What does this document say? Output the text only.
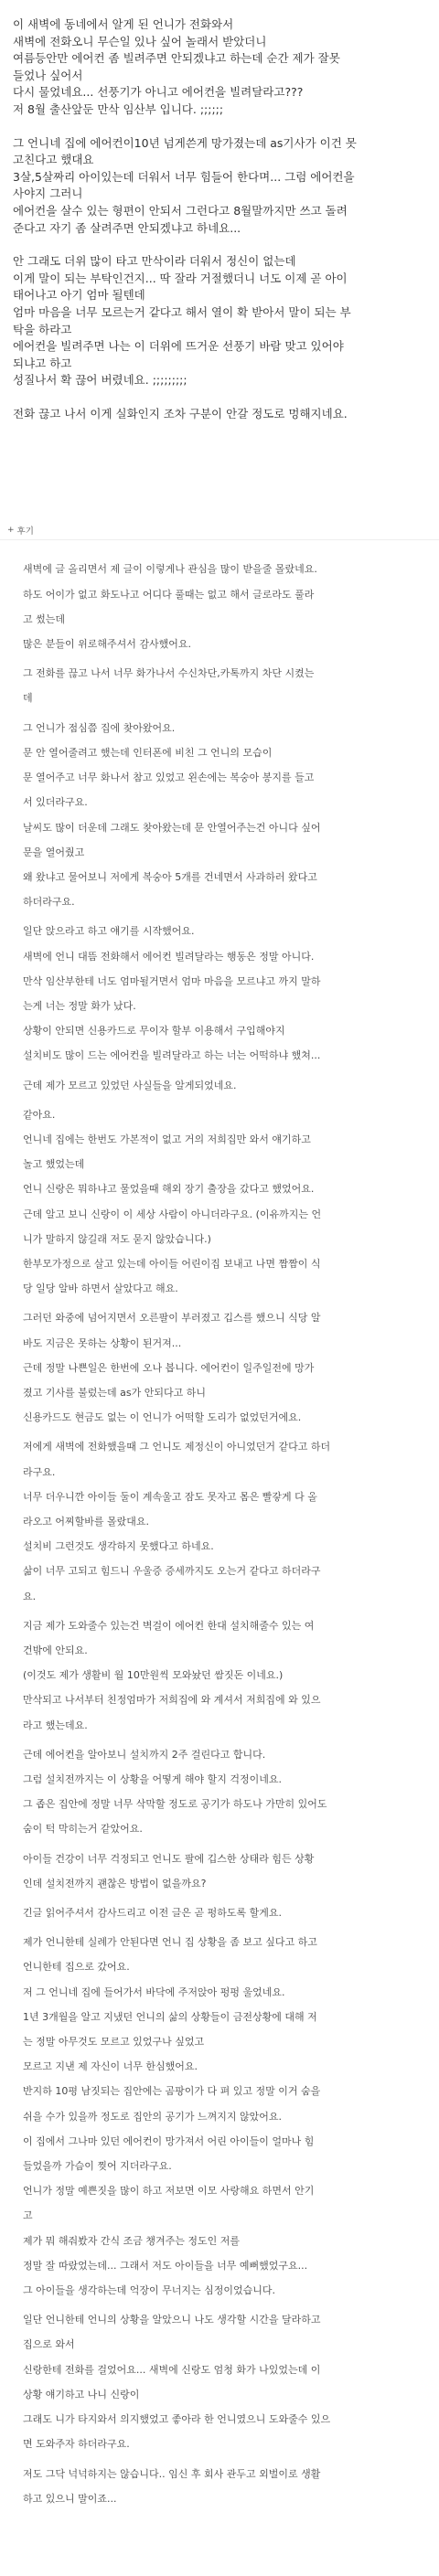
이 새벽에 동네에서 알게 된 언니가 전화와서

새벽에 전화오니 무슨일 있나 싶어 놀래서 받았더니

여름등안만 에어컨 좀 빌려주면 안되겠냐고 하는데 순간 제가 잘못

들었나 싶어서

다시 물었네요... 선풍기가 아니고 에어컨을 빌려달라고???

저 8월 출산앞둔 만삭 임산부 입니다. ;;;;;;

그 언니네 집에 에어컨이10년 넘게쓴게 망가졌는데 as기사가 이건 못

고친다고 했대요

3살,5살짜리 아이있는데 더워서 너무 힘들어 한다며... 그럼 에어컨을

사야지 그러니

에어컨을 살수 있는 형편이 안되서 그런다고 8월말까지만 쓰고 돌려

준다고 자기 좀 살려주면 안되겠냐고 하네요...

안 그래도 더위 많이 타고 만삭이라 더워서 정신이 없는데

이게 말이 되는 부탁인건지... 딱 잘라 거절했더니 너도 이제 곧 아이

태어나고 아기 엄마 될텐데

엄마 마음을 너무 모르는거 같다고 해서 열이 확 받아서 말이 되는 부

탁을 하라고

에어컨을 빌려주면 나는 이 더위에 뜨거운 선풍기 바람 맞고 있어야

되냐고 하고

성질나서 확 끊어 버렸네요. ;;;;;;;;;

전화 끊고 나서 이게 실화인지 조차 구분이 안갈 정도로 멍해지네요.

+ 후기

새벽에 글 올리면서 제 글이 이렇게나 관심을 많이 받을줄 몰랐네요.

하도 어이가 없고 화도나고 어디다 풀때는 없고 해서 글로라도 풀라

고 썼는데

많은 분들이 위로해주셔서 감사했어요.

그 전화를 끊고 나서 너무 화가나서 수신차단,카톡까지 차단 시켰는

데

그 언니가 점심쯤 집에 찾아왔어요.

문 안 열어줄려고 했는데 인터폰에 비친 그 언니의 모습이

문 열어주고 너무 화나서 참고 있었고 왼손에는 복숭아 봉지를 들고

서 있더라구요.

날씨도 많이 더운데 그래도 찾아왔는데 문 안열어주는건 아니다 싶어

문을 열어줬고

왜 왔냐고 물어보니 저에게 복숭아 5개를 건네면서 사과하러 왔다고

하더라구요.

일단 앉으라고 하고 얘기를 시작했어요.

새벽에 언니 대뜸 전화해서 에어컨 빌려달라는 행동은 정말 아니다.

만삭 임산부한테 너도 엄마될거면서 엄마 마음을 모르냐고 까지 말하

는게 너는 정말 화가 났다.

상황이 안되면 신용카드로 무이자 할부 이용해서 구입해야지

설치비도 많이 드는 에어컨을 빌려달라고 하는 너는 어떡하냐 했쳐...

근데 제가 모르고 있었던 사실들을 알게되었네요.

같아요.

언니네 집에는 한번도 가본적이 없고 거의 저희집만 와서 얘기하고

놀고 했었는데

언니 신랑은 뭐하냐고 물었을때 해외 장기 출장을 갔다고 했었어요.

근데 알고 보니 신랑이 이 세상 사람이 아니더라구요. (이유까지는 언

니가 말하지 않길래 저도 묻지 않았습니다.)

한부모가정으로 살고 있는데 아이들 어린이집 보내고 나면 짬짬이 식

당 일당 알바 하면서 살았다고 해요.

그러던 와중에 넘어지면서 오른팔이 부러졌고 깁스를 했으니 식당 알

바도 지금은 못하는 상황이 된거져...

근데 정말 나쁜일은 한번에 오나 봅니다. 에어컨이 일주일전에 망가

졌고 기사를 불렀는데 as가 안되다고 하니

신용카드도 현금도 없는 이 언니가 어떡할 도리가 없었던거에요.

저에게 새벽에 전화했을때 그 언니도 제정신이 아니었던거 같다고 하더

라구요.

너무 더우니깐 아이들 둘이 계속울고 잠도 못자고 몸은 빨갛게 다 올

라오고 어찌할바를 몰랐대요.

설치비 그런것도 생각하지 못했다고 하네요.

삶이 너무 고되고 힘드니 우울증 증세까지도 오는거 같다고 하더라구

요.

지금 제가 도와줄수 있는건 벽걸이 에어컨 한대 설치해줄수 있는 여

건밖에 안되요.

(이것도 제가 생활비 월 10만원씩 모와놨던 쌈짓돈 이네요.)

만삭되고 나서부터 친정엄마가 저희집에 와 계셔서 저희집에 와 있으

라고 했는데요.

근데 에어컨을 알아보니 설치까지 2주 걸린다고 합니다.

그럼 설치전까지는 이 상황을 어떻게 해야 할지 걱정이네요.

그 좁은 집안에 정말 너무 삭막할 정도로 공기가 하도나 가만히 있어도

숨이 턱 막히는거 같았어요.

아이들 건강이 너무 걱정되고 언니도 팔에 깁스한 상태라 힘든 상황

인데 설치전까지 괜찮은 방법이 없을까요?

긴글 읽어주셔서 감사드리고 이전 글은 곧 펑하도록 할게요.

제가 언니한테 실례가 안된다면 언니 집 상황을 좀 보고 싶다고 하고

언니한테 집으로 갔어요.

저 그 언니네 집에 들어가서 바닥에 주저앉아 펑펑 울었네요.

1년 3개월을 알고 지냈던 언니의 삶의 상황들이 금전상황에 대해 저

는 정말 아무것도 모르고 있었구나 싶었고

모르고 지낸 제 자신이 너무 한심했어요.

반지하 10평 남짓되는 집안에는 곰팡이가 다 펴 있고 정말 이거 숨을

쉬을 수가 있을까 정도로 집안의 공기가 느껴지지 않았어요.

이 집에서 그나마 있던 에어컨이 망가져서 어린 아이들이 얼마나 힘

들었을까 가슴이 찢어 지더라구요.

언니가 정말 예쁜짓을 많이 하고 저보면 이모 사랑해요 하면서 안기

고

제가 뭐 해줘봤자 간식 조금 챙겨주는 정도인 저를

정말 잘 따랐었는데... 그래서 저도 아이들을 너무 예뻐했었구요...

그 아이들을 생각하는데 억장이 무너지는 심정이었습니다.

일단 언니한테 언니의 상황을 알았으니 나도 생각할 시간을 달라하고

집으로 와서

신랑한테 전화를 걸었어요... 새벽에 신랑도 엄청 화가 나있었는데 이

상황 얘기하고 나니 신랑이

그래도 니가 타지와서 의지했었고 좋아라 한 언니였으니 도와줄수 있으

면 도와주자 하더라구요.

저도 그닥 넉넉하지는 않습니다.. 임신 후 회사 관두고 외벌이로 생활

하고 있으니 말이죠...
